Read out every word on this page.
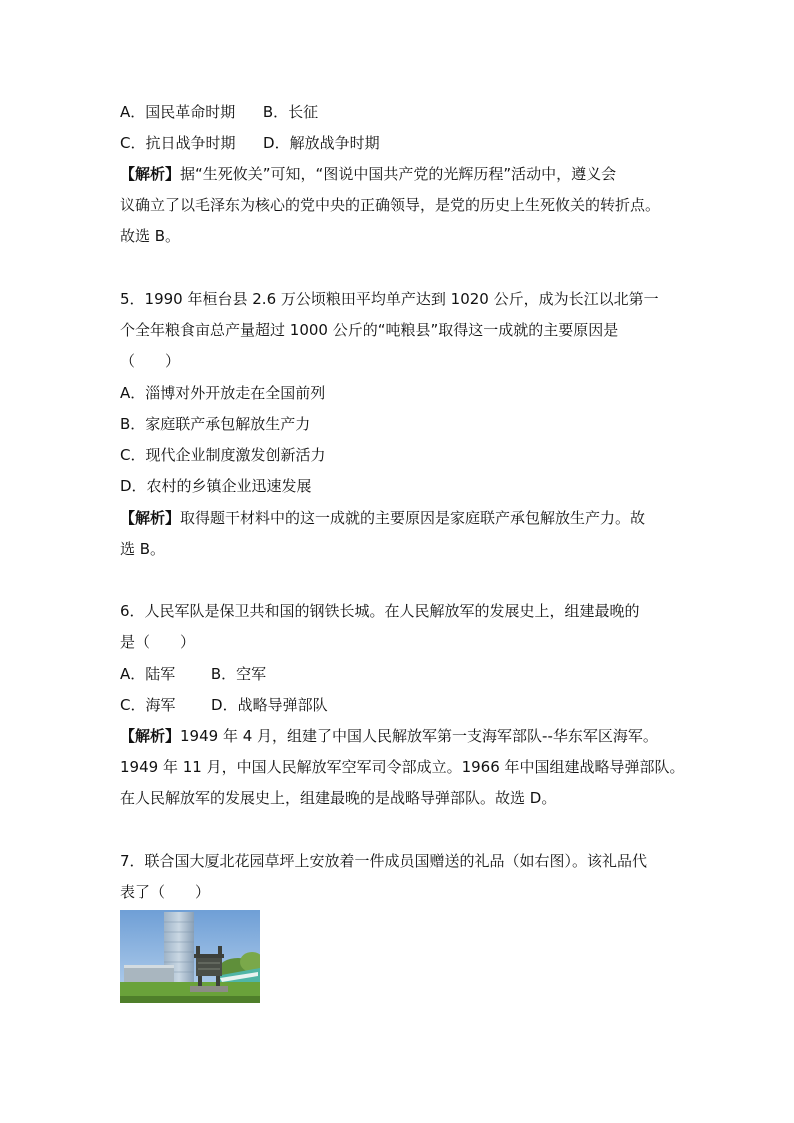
A．国民革命时期 B．长征
C．抗日战争时期 D．解放战争时期
【解析】据“生死攸关”可知，“图说中国共产党的光辉历程”活动中，遵义会
议确立了以毛泽东为核心的党中央的正确领导，是党的历史上生死攸关的转折点。
故选 B。
5．1990 年桓台县 2.6 万公顷粮田平均单产达到 1020 公斤，成为长江以北第一
个全年粮食亩总产量超过 1000 公斤的“吨粮县”取得这一成就的主要原因是
（　　）
A．淄博对外开放走在全国前列
B．家庭联产承包解放生产力
C．现代企业制度激发创新活力
D．农村的乡镇企业迅速发展
【解析】取得题干材料中的这一成就的主要原因是家庭联产承包解放生产力。故
选 B。
6．人民军队是保卫共和国的钢铁长城。在人民解放军的发展史上，组建最晚的
是（　　）
A．陆军 B．空军
C．海军 D．战略导弹部队
【解析】1949 年 4 月，组建了中国人民解放军第一支海军部队--华东军区海军。
1949 年 11 月，中国人民解放军空军司令部成立。1966 年中国组建战略导弹部队。
在人民解放军的发展史上，组建最晚的是战略导弹部队。故选 D。
7．联合国大厦北花园草坪上安放着一件成员国赠送的礼品（如右图）。该礼品代
表了（　　）
